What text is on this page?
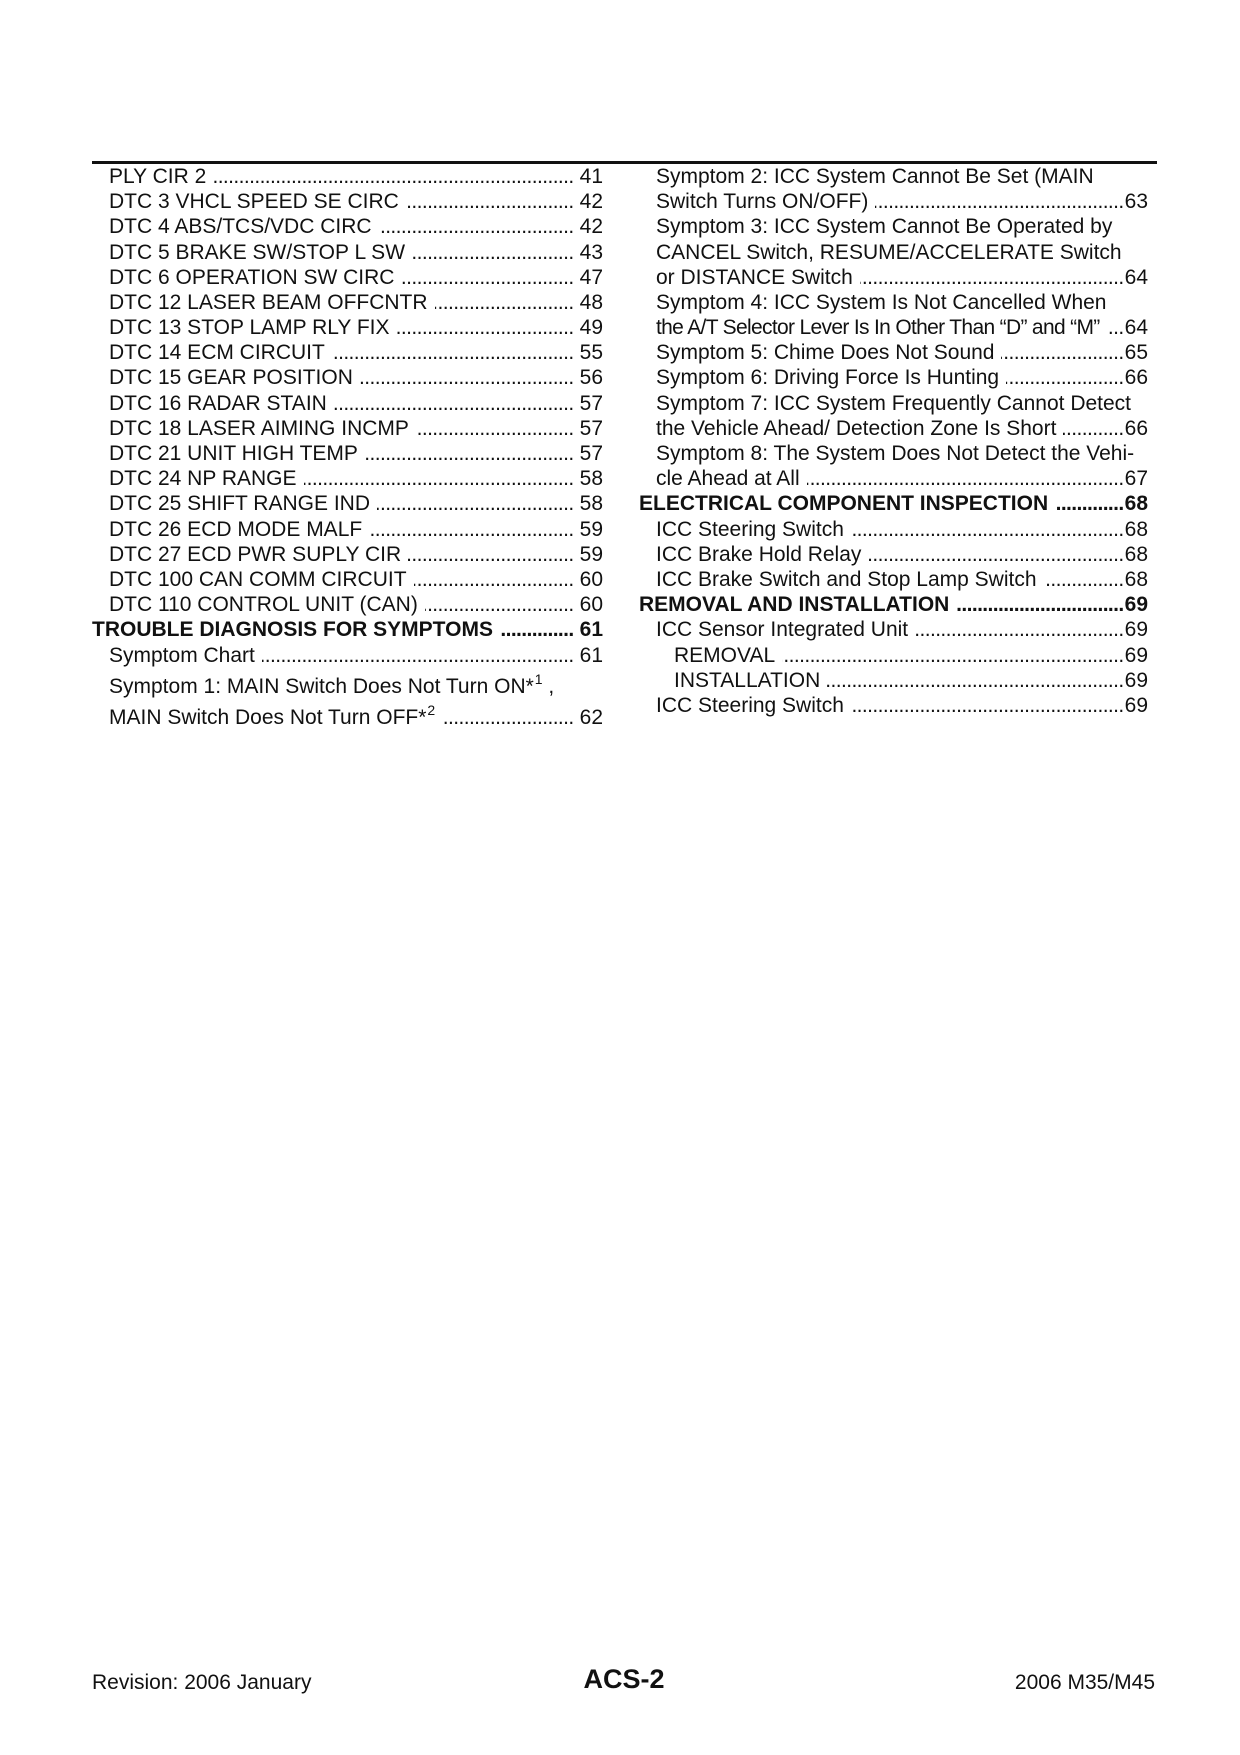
PLY CIR 2 .....	41
DTC 3 VHCL SPEED SE CIRC .....	42
DTC 4 ABS/TCS/VDC CIRC .....	42
DTC 5 BRAKE SW/STOP L SW .....	43
DTC 6 OPERATION SW CIRC .....	47
DTC 12 LASER BEAM OFFCNTR .....	48
DTC 13 STOP LAMP RLY FIX .....	49
DTC 14 ECM CIRCUIT .....	55
DTC 15 GEAR POSITION .....	56
DTC 16 RADAR STAIN .....	57
DTC 18 LASER AIMING INCMP .....	57
DTC 21 UNIT HIGH TEMP .....	57
DTC 24 NP RANGE .....	58
DTC 25 SHIFT RANGE IND .....	58
DTC 26 ECD MODE MALF .....	59
DTC 27 ECD PWR SUPLY CIR .....	59
DTC 100 CAN COMM CIRCUIT .....	60
DTC 110 CONTROL UNIT (CAN) .....	60
TROUBLE DIAGNOSIS FOR SYMPTOMS .....	61
Symptom Chart .....	61
Symptom 1: MAIN Switch Does Not Turn ON*$^1$ ,
MAIN Switch Does Not Turn OFF*$^2$ .....	62
Symptom 2: ICC System Cannot Be Set (MAIN
Switch Turns ON/OFF) .....	63
Symptom 3: ICC System Cannot Be Operated by
CANCEL Switch, RESUME/ACCELERATE Switch
or DISTANCE Switch .....	64
Symptom 4: ICC System Is Not Cancelled When
the A/T Selector Lever Is In Other Than “D” and “M” ..... 64
Symptom 5: Chime Does Not Sound .....	65
Symptom 6: Driving Force Is Hunting .....	66
Symptom 7: ICC System Frequently Cannot Detect
the Vehicle Ahead/ Detection Zone Is Short .....	66
Symptom 8: The System Does Not Detect the Vehi-
cle Ahead at All .....	67
ELECTRICAL COMPONENT INSPECTION .....	68
ICC Steering Switch .....	68
ICC Brake Hold Relay .....	68
ICC Brake Switch and Stop Lamp Switch .....	68
REMOVAL AND INSTALLATION .....	69
ICC Sensor Integrated Unit .....	69
REMOVAL .....	69
INSTALLATION .....	69
ICC Steering Switch .....	69
Revision: 2006 January	ACS-2	2006 M35/M45
